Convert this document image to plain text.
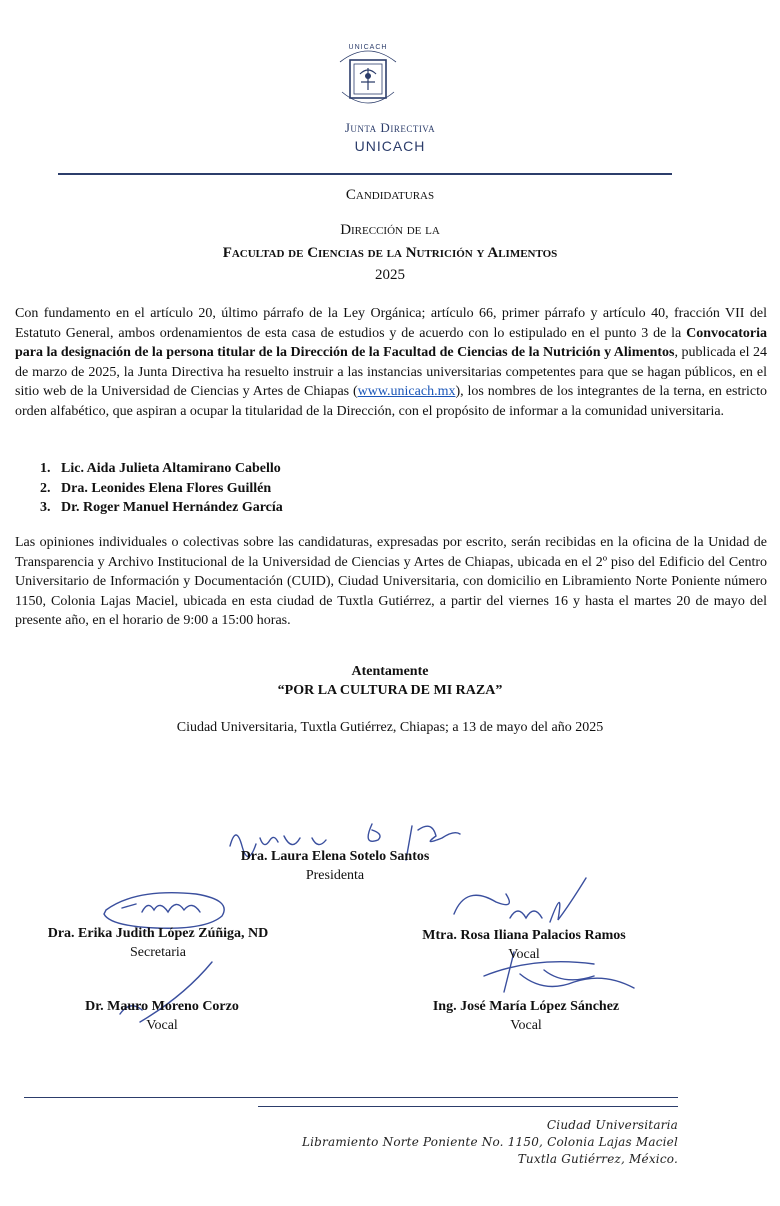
UNICACH
Junta Directiva
UNICACH
Candidaturas
Dirección de la
Facultad de Ciencias de la Nutrición y Alimentos
2025
Con fundamento en el artículo 20, último párrafo de la Ley Orgánica; artículo 66, primer párrafo y artículo 40, fracción VII del Estatuto General, ambos ordenamientos de esta casa de estudios y de acuerdo con lo estipulado en el punto 3 de la Convocatoria para la designación de la persona titular de la Dirección de la Facultad de Ciencias de la Nutrición y Alimentos, publicada el 24 de marzo de 2025, la Junta Directiva ha resuelto instruir a las instancias universitarias competentes para que se hagan públicos, en el sitio web de la Universidad de Ciencias y Artes de Chiapas (www.unicach.mx), los nombres de los integrantes de la terna, en estricto orden alfabético, que aspiran a ocupar la titularidad de la Dirección, con el propósito de informar a la comunidad universitaria.
1. Lic. Aida Julieta Altamirano Cabello
2. Dra. Leonides Elena Flores Guillén
3. Dr. Roger Manuel Hernández García
Las opiniones individuales o colectivas sobre las candidaturas, expresadas por escrito, serán recibidas en la oficina de la Unidad de Transparencia y Archivo Institucional de la Universidad de Ciencias y Artes de Chiapas, ubicada en el 2º piso del Edificio del Centro Universitario de Información y Documentación (CUID), Ciudad Universitaria, con domicilio en Libramiento Norte Poniente número 1150, Colonia Lajas Maciel, ubicada en esta ciudad de Tuxtla Gutiérrez, a partir del viernes 16 y hasta el martes 20 de mayo del presente año, en el horario de 9:00 a 15:00 horas.
Atentamente
“POR LA CULTURA DE MI RAZA”
Ciudad Universitaria, Tuxtla Gutiérrez, Chiapas; a 13 de mayo del año 2025
Dra. Laura Elena Sotelo Santos
Presidenta
Dra. Erika Judith López Zúñiga, ND
Secretaria
Mtra. Rosa Iliana Palacios Ramos
Vocal
Dr. Mauro Moreno Corzo
Vocal
Ing. José María López Sánchez
Vocal
Ciudad Universitaria
Libramiento Norte Poniente No. 1150, Colonia Lajas Maciel
Tuxtla Gutiérrez, México.
